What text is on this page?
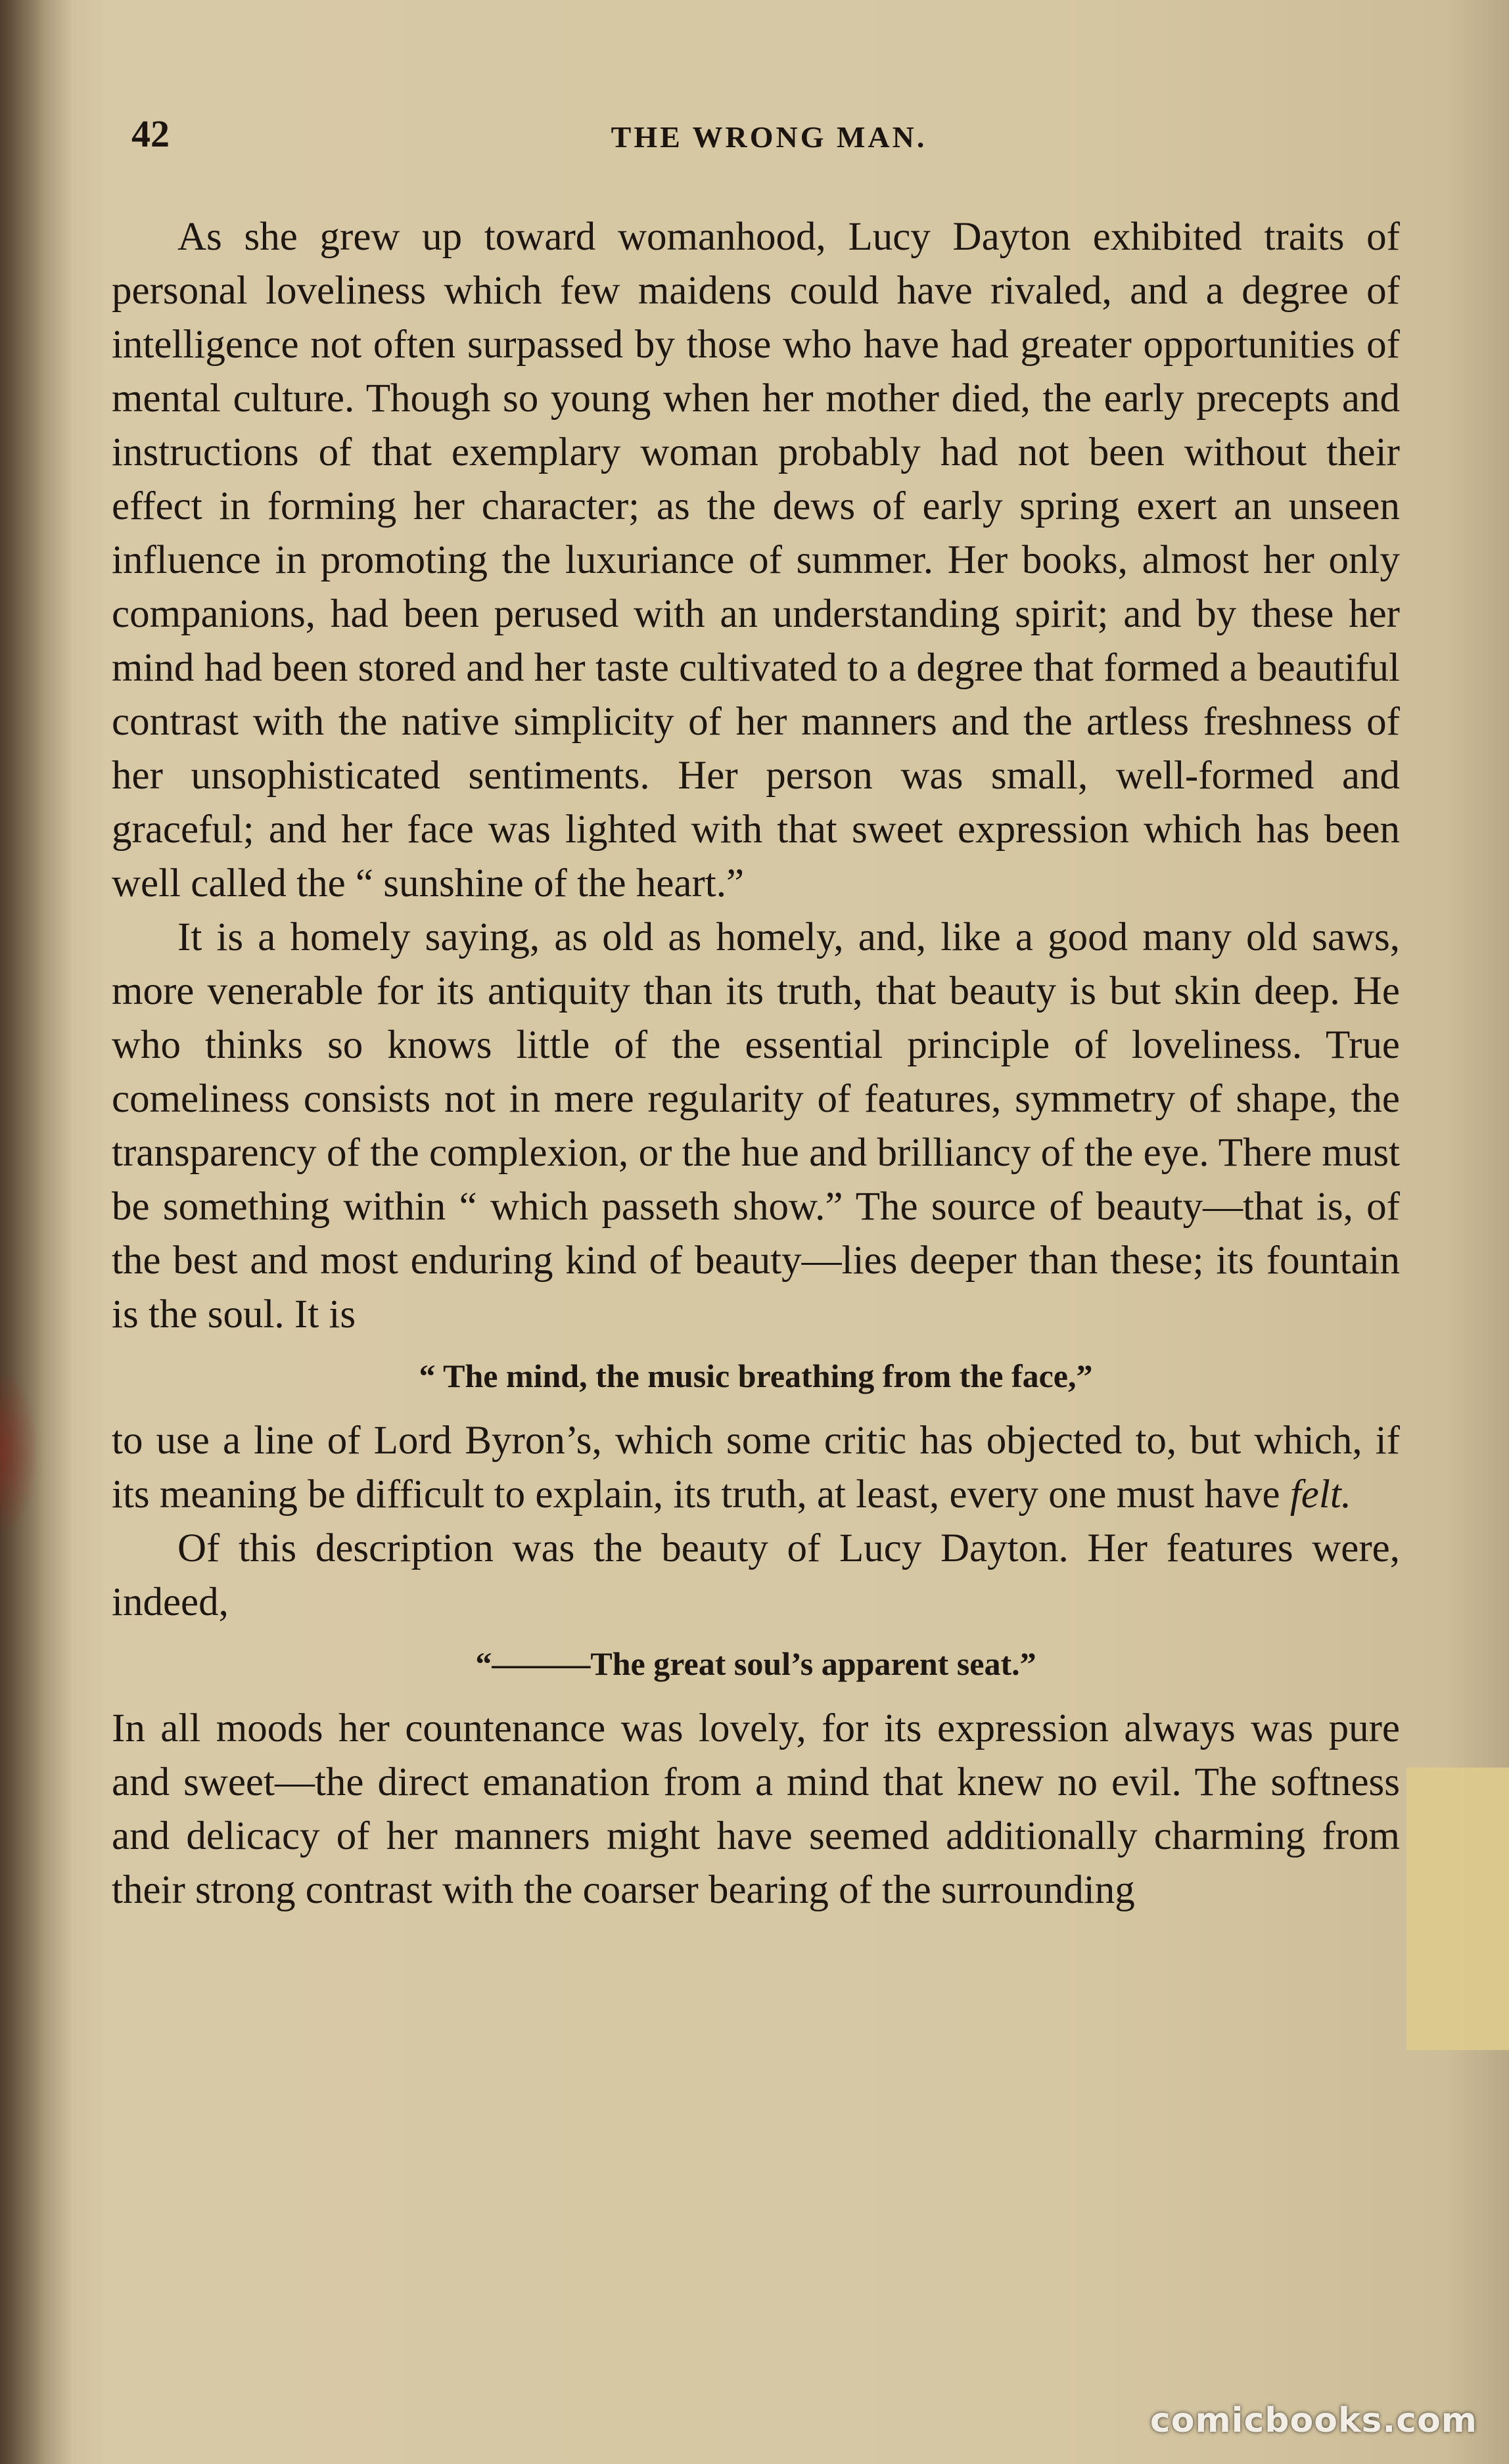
42	THE WRONG MAN.

As she grew up toward womanhood, Lucy Dayton exhibited traits of personal loveliness which few maidens could have rivaled, and a degree of intelligence not often surpassed by those who have had greater opportunities of mental culture. Though so young when her mother died, the early precepts and instructions of that exemplary woman probably had not been without their effect in forming her character; as the dews of early spring exert an unseen influence in promoting the luxuriance of summer. Her books, almost her only companions, had been perused with an understanding spirit; and by these her mind had been stored and her taste cultivated to a degree that formed a beautiful contrast with the native simplicity of her manners and the artless freshness of her unsophisticated sentiments. Her person was small, well-formed and graceful; and her face was lighted with that sweet expression which has been well called the “ sunshine of the heart.”

It is a homely saying, as old as homely, and, like a good many old saws, more venerable for its antiquity than its truth, that beauty is but skin deep. He who thinks so knows little of the essential principle of loveliness. True comeliness consists not in mere regularity of features, symmetry of shape, the transparency of the complexion, or the hue and brilliancy of the eye. There must be something within “ which passeth show.” The source of beauty—that is, of the best and most enduring kind of beauty—lies deeper than these; its fountain is the soul. It is

“ The mind, the music breathing from the face,”

to use a line of Lord Byron’s, which some critic has objected to, but which, if its meaning be difficult to explain, its truth, at least, every one must have felt.

Of this description was the beauty of Lucy Dayton. Her features were, indeed,

“———The great soul’s apparent seat.”

In all moods her countenance was lovely, for its expression always was pure and sweet—the direct emanation from a mind that knew no evil. The softness and delicacy of her manners might have seemed additionally charming from their strong contrast with the coarser bearing of the surrounding

comicbooks.com
